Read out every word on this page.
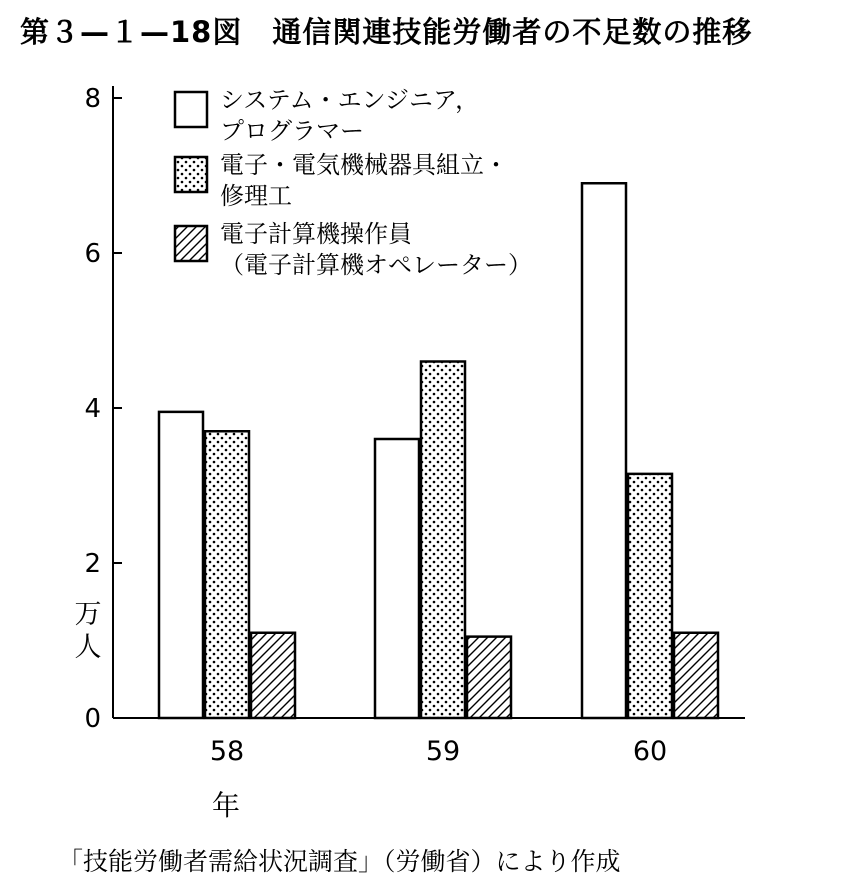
第３—１—18図　通信関連技能労働者の不足数の推移
0
2
4
6
8
万人
58	59	60
年
システム・エンジニア，プログラマー
電子・電気機械器具組立・修理工
電子計算機操作員（電子計算機オペレーター）
「技能労働者需給状況調査」（労働省）により作成
